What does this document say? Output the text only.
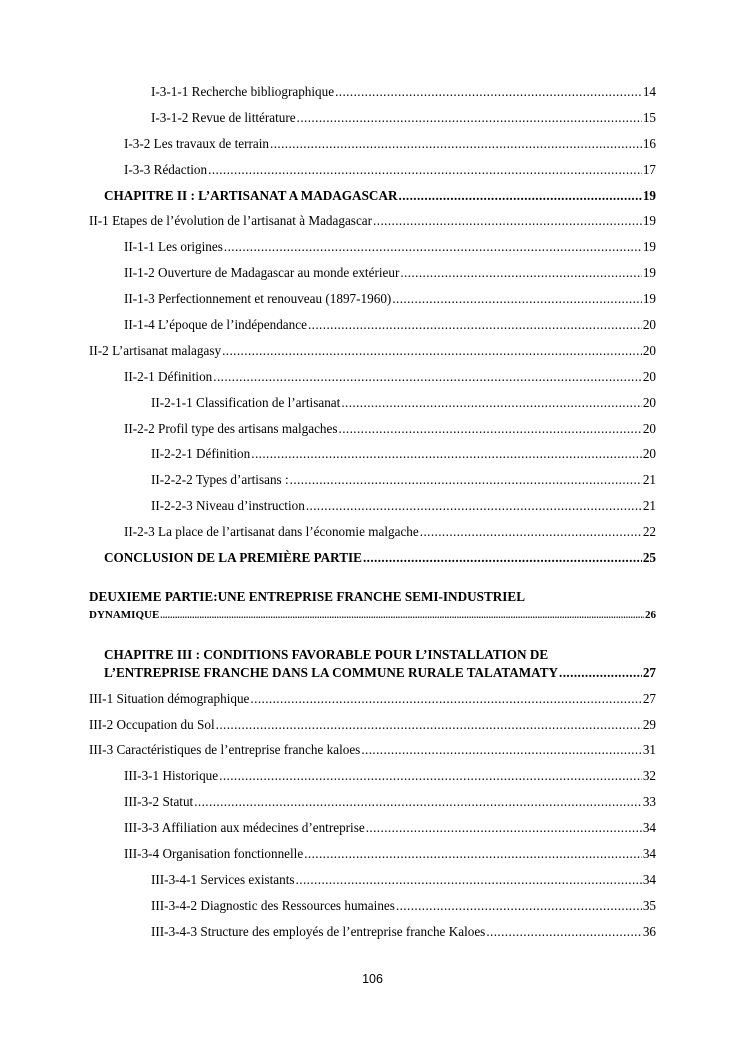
I-3-1-1 Recherche bibliographique .....	14
I-3-1-2 Revue de littérature .....	15
I-3-2 Les travaux de terrain .....	16
I-3-3 Rédaction .....	17
CHAPITRE II : L’ARTISANAT A MADAGASCAR .....	19
II-1 Etapes de l’évolution de l’artisanat à Madagascar .....	19
II-1-1 Les origines .....	19
II-1-2 Ouverture de Madagascar au monde extérieur .....	19
II-1-3 Perfectionnement et renouveau (1897-1960) .....	19
II-1-4 L’époque de l’indépendance .....	20
II-2 L’artisanat malagasy .....	20
II-2-1 Définition .....	20
II-2-1-1 Classification de l’artisanat .....	20
II-2-2 Profil type des artisans malgaches .....	20
II-2-2-1 Définition .....	20
II-2-2-2 Types d’artisans : .....	21
II-2-2-3 Niveau d’instruction .....	21
II-2-3 La place de l’artisanat dans l’économie malgache .....	22
CONCLUSION DE LA PREMIÈRE PARTIE .....	25
DEUXIEME PARTIE:UNE ENTREPRISE FRANCHE SEMI-INDUSTRIEL
DYNAMIQUE .....	26
CHAPITRE III : CONDITIONS FAVORABLE POUR L’INSTALLATION DE
L’ENTREPRISE FRANCHE DANS LA COMMUNE RURALE TALATAMATY .....	27
III-1 Situation démographique .....	27
III-2 Occupation du Sol .....	29
III-3 Caractéristiques de l’entreprise franche kaloes .....	31
III-3-1 Historique .....	32
III-3-2 Statut .....	33
III-3-3 Affiliation aux médecines d’entreprise .....	34
III-3-4 Organisation fonctionnelle .....	34
III-3-4-1 Services existants .....	34
III-3-4-2 Diagnostic des Ressources humaines .....	35
III-3-4-3 Structure des employés de l’entreprise franche Kaloes .....	36
106
